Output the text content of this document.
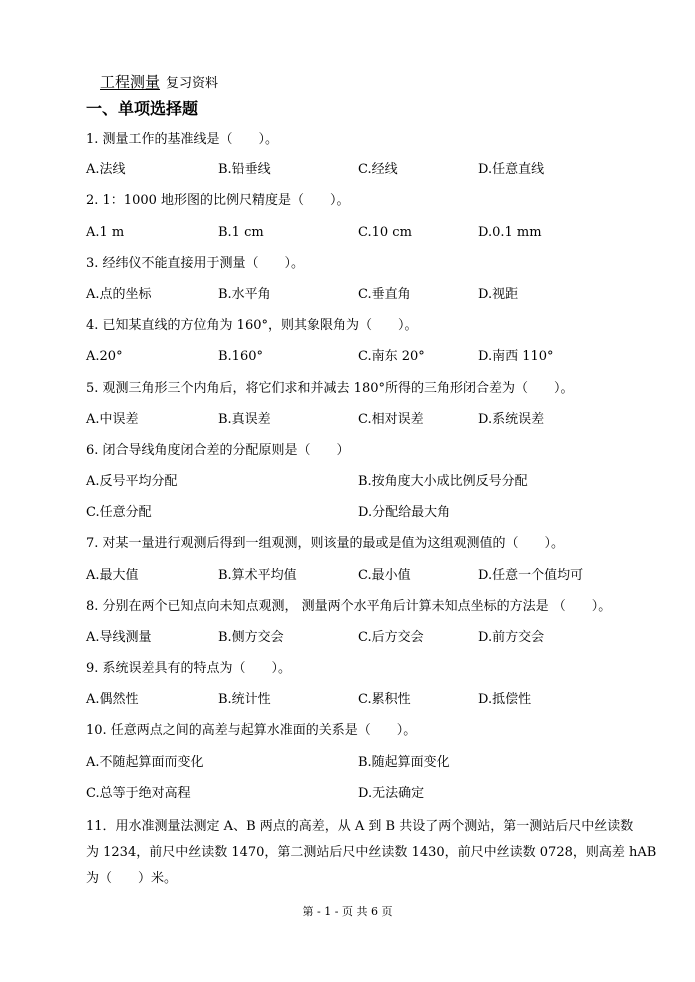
工程测量 复习资料
一、单项选择题
1. 测量工作的基准线是（　　）。
A.法线	B.铅垂线	C.经线	D.任意直线
2. 1：1000 地形图的比例尺精度是（　　）。
A.1 m	B.1 cm	C.10 cm	D.0.1 mm
3. 经纬仪不能直接用于测量（　　）。
A.点的坐标	B.水平角	C.垂直角	D.视距
4. 已知某直线的方位角为 160°，则其象限角为（　　）。
A.20°	B.160°	C.南东 20°	D.南西 110°
5. 观测三角形三个内角后，将它们求和并减去 180°所得的三角形闭合差为（　　）。
A.中误差	B.真误差	C.相对误差	D.系统误差
6. 闭合导线角度闭合差的分配原则是（　　）
A.反号平均分配	B.按角度大小成比例反号分配
C.任意分配	D.分配给最大角
7. 对某一量进行观测后得到一组观测，则该量的最或是值为这组观测值的（　　）。
A.最大值	B.算术平均值	C.最小值	D.任意一个值均可
8. 分别在两个已知点向未知点观测， 测量两个水平角后计算未知点坐标的方法是 （　　）。
A.导线测量	B.侧方交会	C.后方交会	D.前方交会
9. 系统误差具有的特点为（　　）。
A.偶然性	B.统计性	C.累积性	D.抵偿性
10. 任意两点之间的高差与起算水准面的关系是（　　）。
A.不随起算面而变化	B.随起算面变化
C.总等于绝对高程	D.无法确定
11．用水准测量法测定 A、B 两点的高差，从 A 到 B 共设了两个测站，第一测站后尺中丝读数
为 1234，前尺中丝读数 1470，第二测站后尺中丝读数 1430，前尺中丝读数 0728，则高差 hAB
为（　　）米。
第 - 1 - 页 共 6 页
